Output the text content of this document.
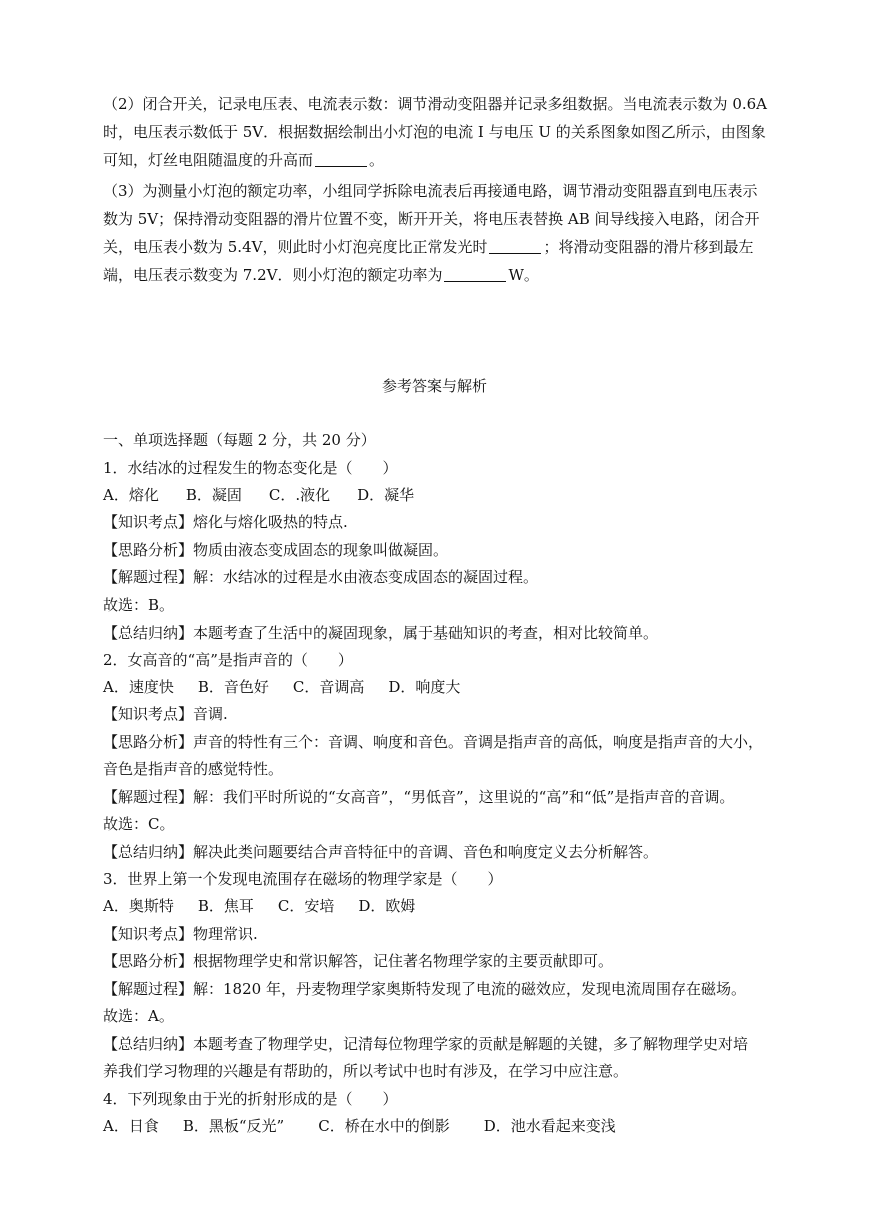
（2）闭合开关，记录电压表、电流表示数：调节滑动变阻器并记录多组数据。当电流表示数为 0.6A
时，电压表示数低于 5V．根据数据绘制出小灯泡的电流 I 与电压 U 的关系图象如图乙所示，由图象
可知，灯丝电阻随温度的升高而	。
（3）为测量小灯泡的额定功率，小组同学拆除电流表后再接通电路，调节滑动变阻器直到电压表示
数为 5V；保持滑动变阻器的滑片位置不变，断开开关，将电压表替换 AB 间导线接入电路，闭合开
关，电压表小数为 5.4V，则此时小灯泡亮度比正常发光时	；将滑动变阻器的滑片移到最左
端，电压表示数变为 7.2V．则小灯泡的额定功率为	W。
参考答案与解析
一、单项选择题（每题 2 分，共 20 分）
1．水结冰的过程发生的物态变化是（　　）
A．熔化 B．凝固 C．.液化 D．凝华
【知识考点】熔化与熔化吸热的特点.
【思路分析】物质由液态变成固态的现象叫做凝固。
【解题过程】解：水结冰的过程是水由液态变成固态的凝固过程。
故选：B。
【总结归纳】本题考查了生活中的凝固现象，属于基础知识的考查，相对比较简单。
2．女高音的“高”是指声音的（　　）
A．速度快 B．音色好 C．音调高 D．响度大
【知识考点】音调.
【思路分析】声音的特性有三个：音调、响度和音色。音调是指声音的高低，响度是指声音的大小，
音色是指声音的感觉特性。
【解题过程】解：我们平时所说的“女高音”，“男低音”，这里说的“高”和“低”是指声音的音调。
故选：C。
【总结归纳】解决此类问题要结合声音特征中的音调、音色和响度定义去分析解答。
3．世界上第一个发现电流围存在磁场的物理学家是（　　）
A．奥斯特 B．焦耳 C．安培 D．欧姆
【知识考点】物理常识.
【思路分析】根据物理学史和常识解答，记住著名物理学家的主要贡献即可。
【解题过程】解：1820 年，丹麦物理学家奥斯特发现了电流的磁效应，发现电流周围存在磁场。
故选：A。
【总结归纳】本题考查了物理学史，记清每位物理学家的贡献是解题的关键，多了解物理学史对培
养我们学习物理的兴趣是有帮助的，所以考试中也时有涉及，在学习中应注意。
4．下列现象由于光的折射形成的是（　　）
A．日食 B．黑板“反光” C．桥在水中的倒影 D．池水看起来变浅
